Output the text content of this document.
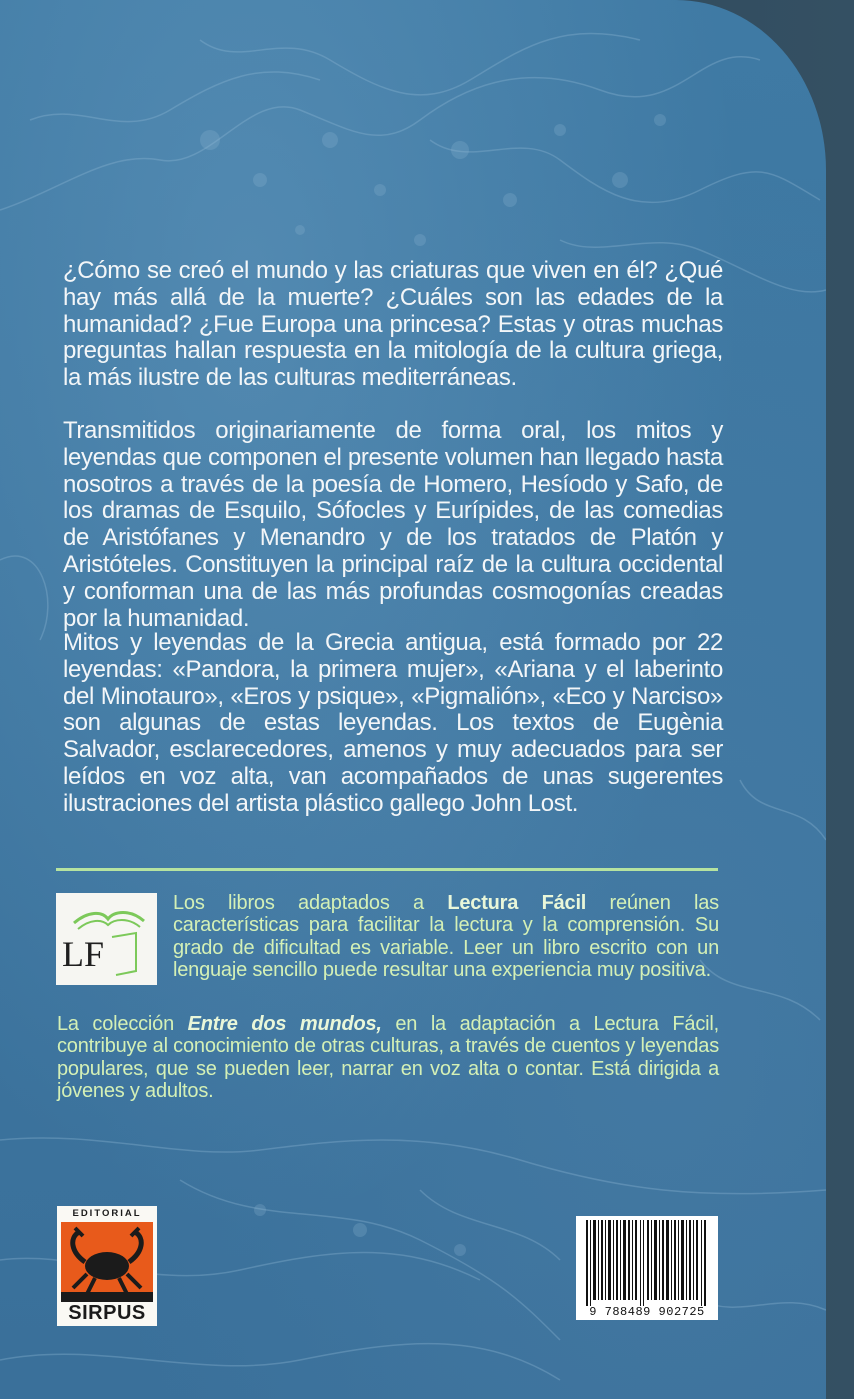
¿Cómo se creó el mundo y las criaturas que viven en él? ¿Qué hay más allá de la muerte? ¿Cuáles son las edades de la humanidad? ¿Fue Europa una princesa? Estas y otras muchas preguntas hallan respuesta en la mitología de la cultura griega, la más ilustre de las culturas mediterráneas.

Transmitidos originariamente de forma oral, los mitos y leyendas que componen el presente volumen han llegado hasta nosotros a través de la poesía de Homero, Hesíodo y Safo, de los dramas de Esquilo, Sófocles y Eurípides, de las comedias de Aristófanes y Menandro y de los tratados de Platón y Aristóteles. Constituyen la principal raíz de la cultura occidental y conforman una de las más profundas cosmogonías creadas por la humanidad.

Mitos y leyendas de la Grecia antigua, está formado por 22 leyendas: «Pandora, la primera mujer», «Ariana y el laberinto del Minotauro», «Eros y psique», «Pigmalión», «Eco y Narciso» son algunas de estas leyendas. Los textos de Eugènia Salvador, esclarecedores, amenos y muy adecuados para ser leídos en voz alta, van acompañados de unas sugerentes ilustraciones del artista plástico gallego John Lost.

LF

Los libros adaptados a Lectura Fácil reúnen las características para facilitar la lectura y la comprensión. Su grado de dificultad es variable. Leer un libro escrito con un lenguaje sencillo puede resultar una experiencia muy positiva.

La colección Entre dos mundos, en la adaptación a Lectura Fácil, contribuye al conocimiento de otras culturas, a través de cuentos y leyendas populares, que se pueden leer, narrar en voz alta o contar. Está dirigida a jóvenes y adultos.

EDITORIAL
SIRPUS	9 788489 902725
